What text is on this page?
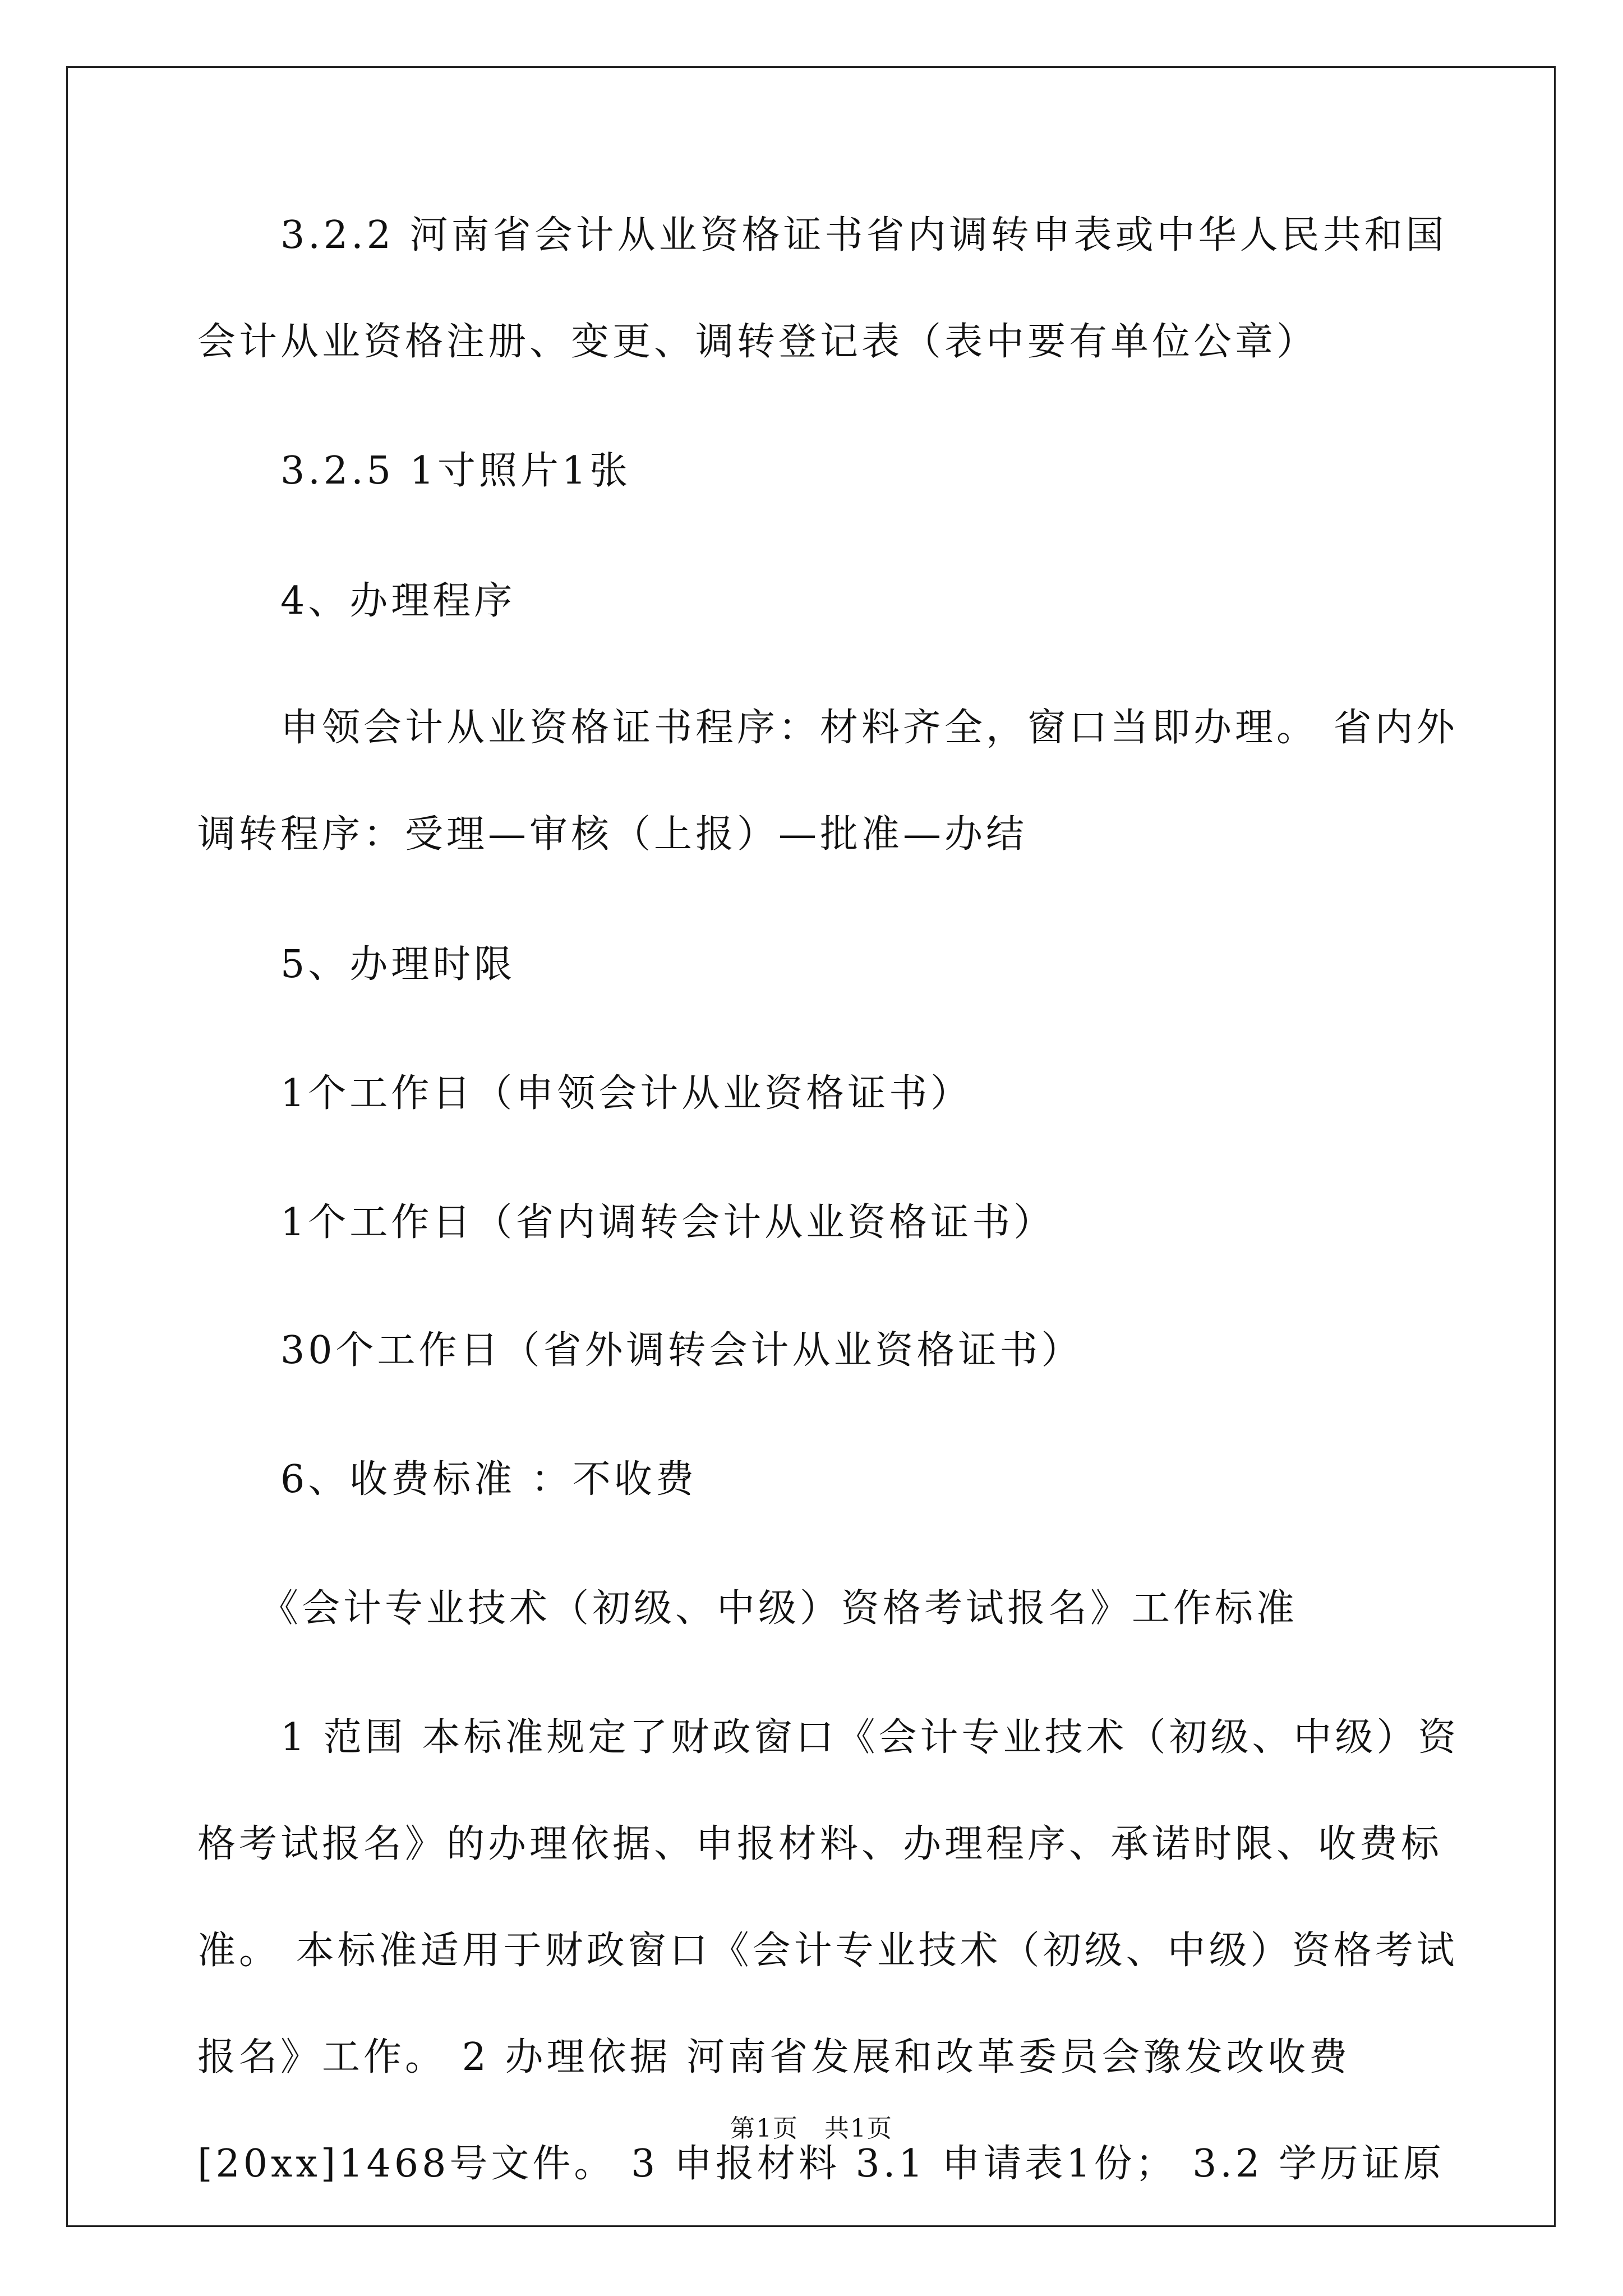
3.2.2 河南省会计从业资格证书省内调转申表或中华人民共和国
会计从业资格注册、变更、调转登记表（表中要有单位公章）
3.2.5 1寸照片1张
4、办理程序
申领会计从业资格证书程序：材料齐全，窗口当即办理。 省内外
调转程序：受理—审核（上报）—批准—办结
5、办理时限
1个工作日（申领会计从业资格证书）
1个工作日（省内调转会计从业资格证书）
30个工作日（省外调转会计从业资格证书）
6、收费标准 ：不收费
《会计专业技术（初级、中级）资格考试报名》工作标准
1 范围 本标准规定了财政窗口《会计专业技术（初级、中级）资
格考试报名》的办理依据、申报材料、办理程序、承诺时限、收费标
准。 本标准适用于财政窗口《会计专业技术（初级、中级）资格考试
报名》工作。 2 办理依据 河南省发展和改革委员会豫发改收费
[20xx]1468号文件。 3 申报材料 3.1 申请表1份； 3.2 学历证原
第1页　共1页
